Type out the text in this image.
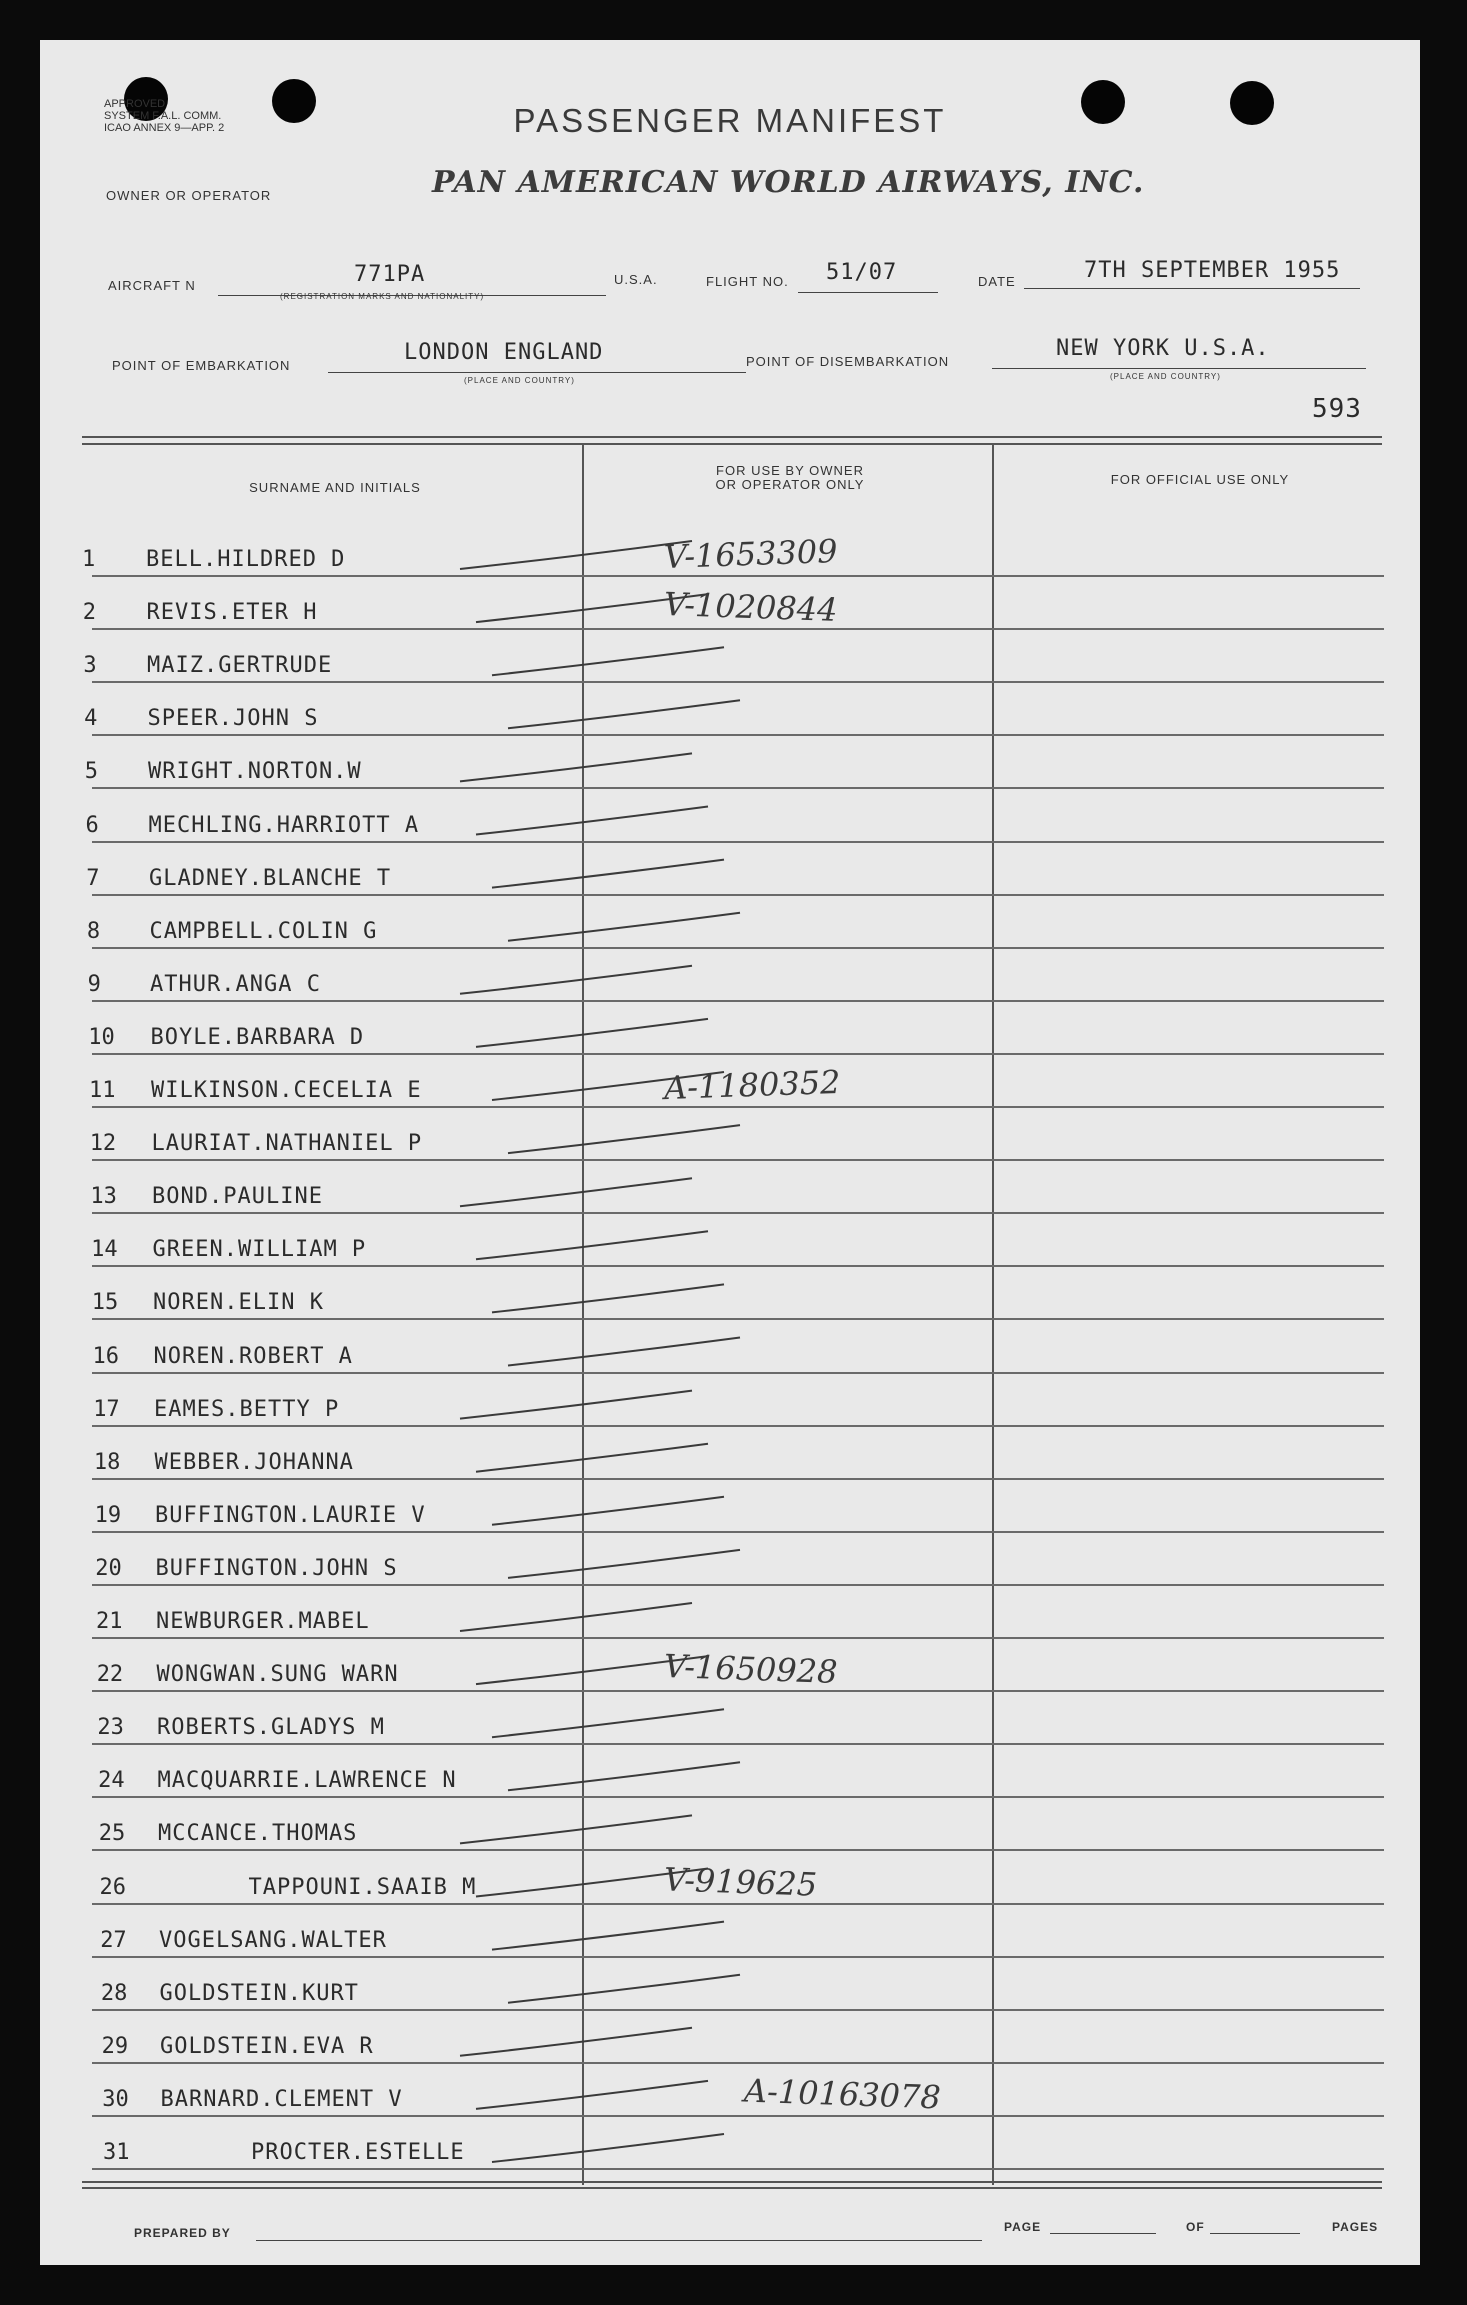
APPROVED
SYSTEM F.A.L. COMM.
ICAO ANNEX 9—APP. 2	PASSENGER MANIFEST
OWNER OR OPERATOR	PAN AMERICAN WORLD AIRWAYS, INC.
AIRCRAFT N	771PA
(REGISTRATION MARKS AND NATIONALITY)
U.S.A.	FLIGHT NO. 51/07	DATE	7TH SEPTEMBER 1955
POINT OF EMBARKATION
LONDON ENGLAND
(PLACE AND COUNTRY)
POINT OF DISEMBARKATION
NEW YORK U.S.A.
(PLACE AND COUNTRY)
593
SURNAME AND INITIALS
FOR USE BY OWNER
OR OPERATOR ONLY	FOR OFFICIAL USE ONLY
1	BELL.HILDRED D	V-1653309
2	REVIS.ETER H	V-1020844
3	MAIZ.GERTRUDE
4	SPEER.JOHN S
5	WRIGHT.NORTON.W
6	MECHLING.HARRIOTT A
7	GLADNEY.BLANCHE T
8	CAMPBELL.COLIN G
9	ATHUR.ANGA C
10	BOYLE.BARBARA D
11	WILKINSON.CECELIA E	A-1180352
12	LAURIAT.NATHANIEL P
13	BOND.PAULINE
14	GREEN.WILLIAM P
15	NOREN.ELIN K
16	NOREN.ROBERT A
17	EAMES.BETTY P
18	WEBBER.JOHANNA
19	BUFFINGTON.LAURIE V
20	BUFFINGTON.JOHN S
21	NEWBURGER.MABEL
22	WONGWAN.SUNG WARN	V-1650928
23	ROBERTS.GLADYS M
24	MACQUARRIE.LAWRENCE N
25	MCCANCE.THOMAS
26	TAPPOUNI.SAAIB M	V-919625
27	VOGELSANG.WALTER
28	GOLDSTEIN.KURT
29	GOLDSTEIN.EVA R
30	BARNARD.CLEMENT V	A-10163078
31	PROCTER.ESTELLE
PREPARED BY	PAGE	OF	PAGES
